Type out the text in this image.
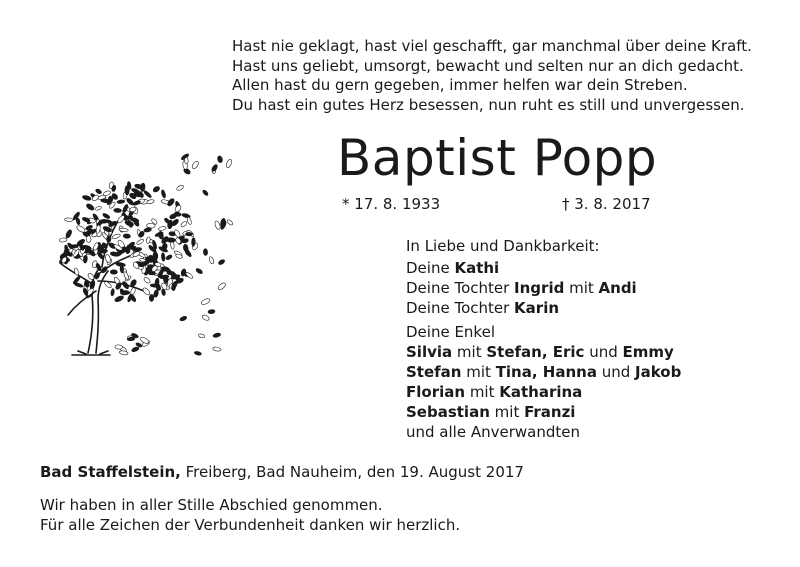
Hast nie geklagt, hast viel geschafft, gar manchmal über deine Kraft.
Hast uns geliebt, umsorgt, bewacht und selten nur an dich gedacht.
Allen hast du gern gegeben, immer helfen war dein Streben.
Du hast ein gutes Herz besessen, nun ruht es still und unvergessen.
Baptist Popp
* 17. 8. 1933	† 3. 8. 2017
In Liebe und Dankbarkeit:
Deine Kathi
Deine Tochter Ingrid mit Andi
Deine Tochter Karin
Deine Enkel
Silvia mit Stefan, Eric und Emmy
Stefan mit Tina, Hanna und Jakob
Florian mit Katharina
Sebastian mit Franzi
und alle Anverwandten
Bad Staffelstein, Freiberg, Bad Nauheim, den 19. August 2017
Wir haben in aller Stille Abschied genommen.
Für alle Zeichen der Verbundenheit danken wir herzlich.
